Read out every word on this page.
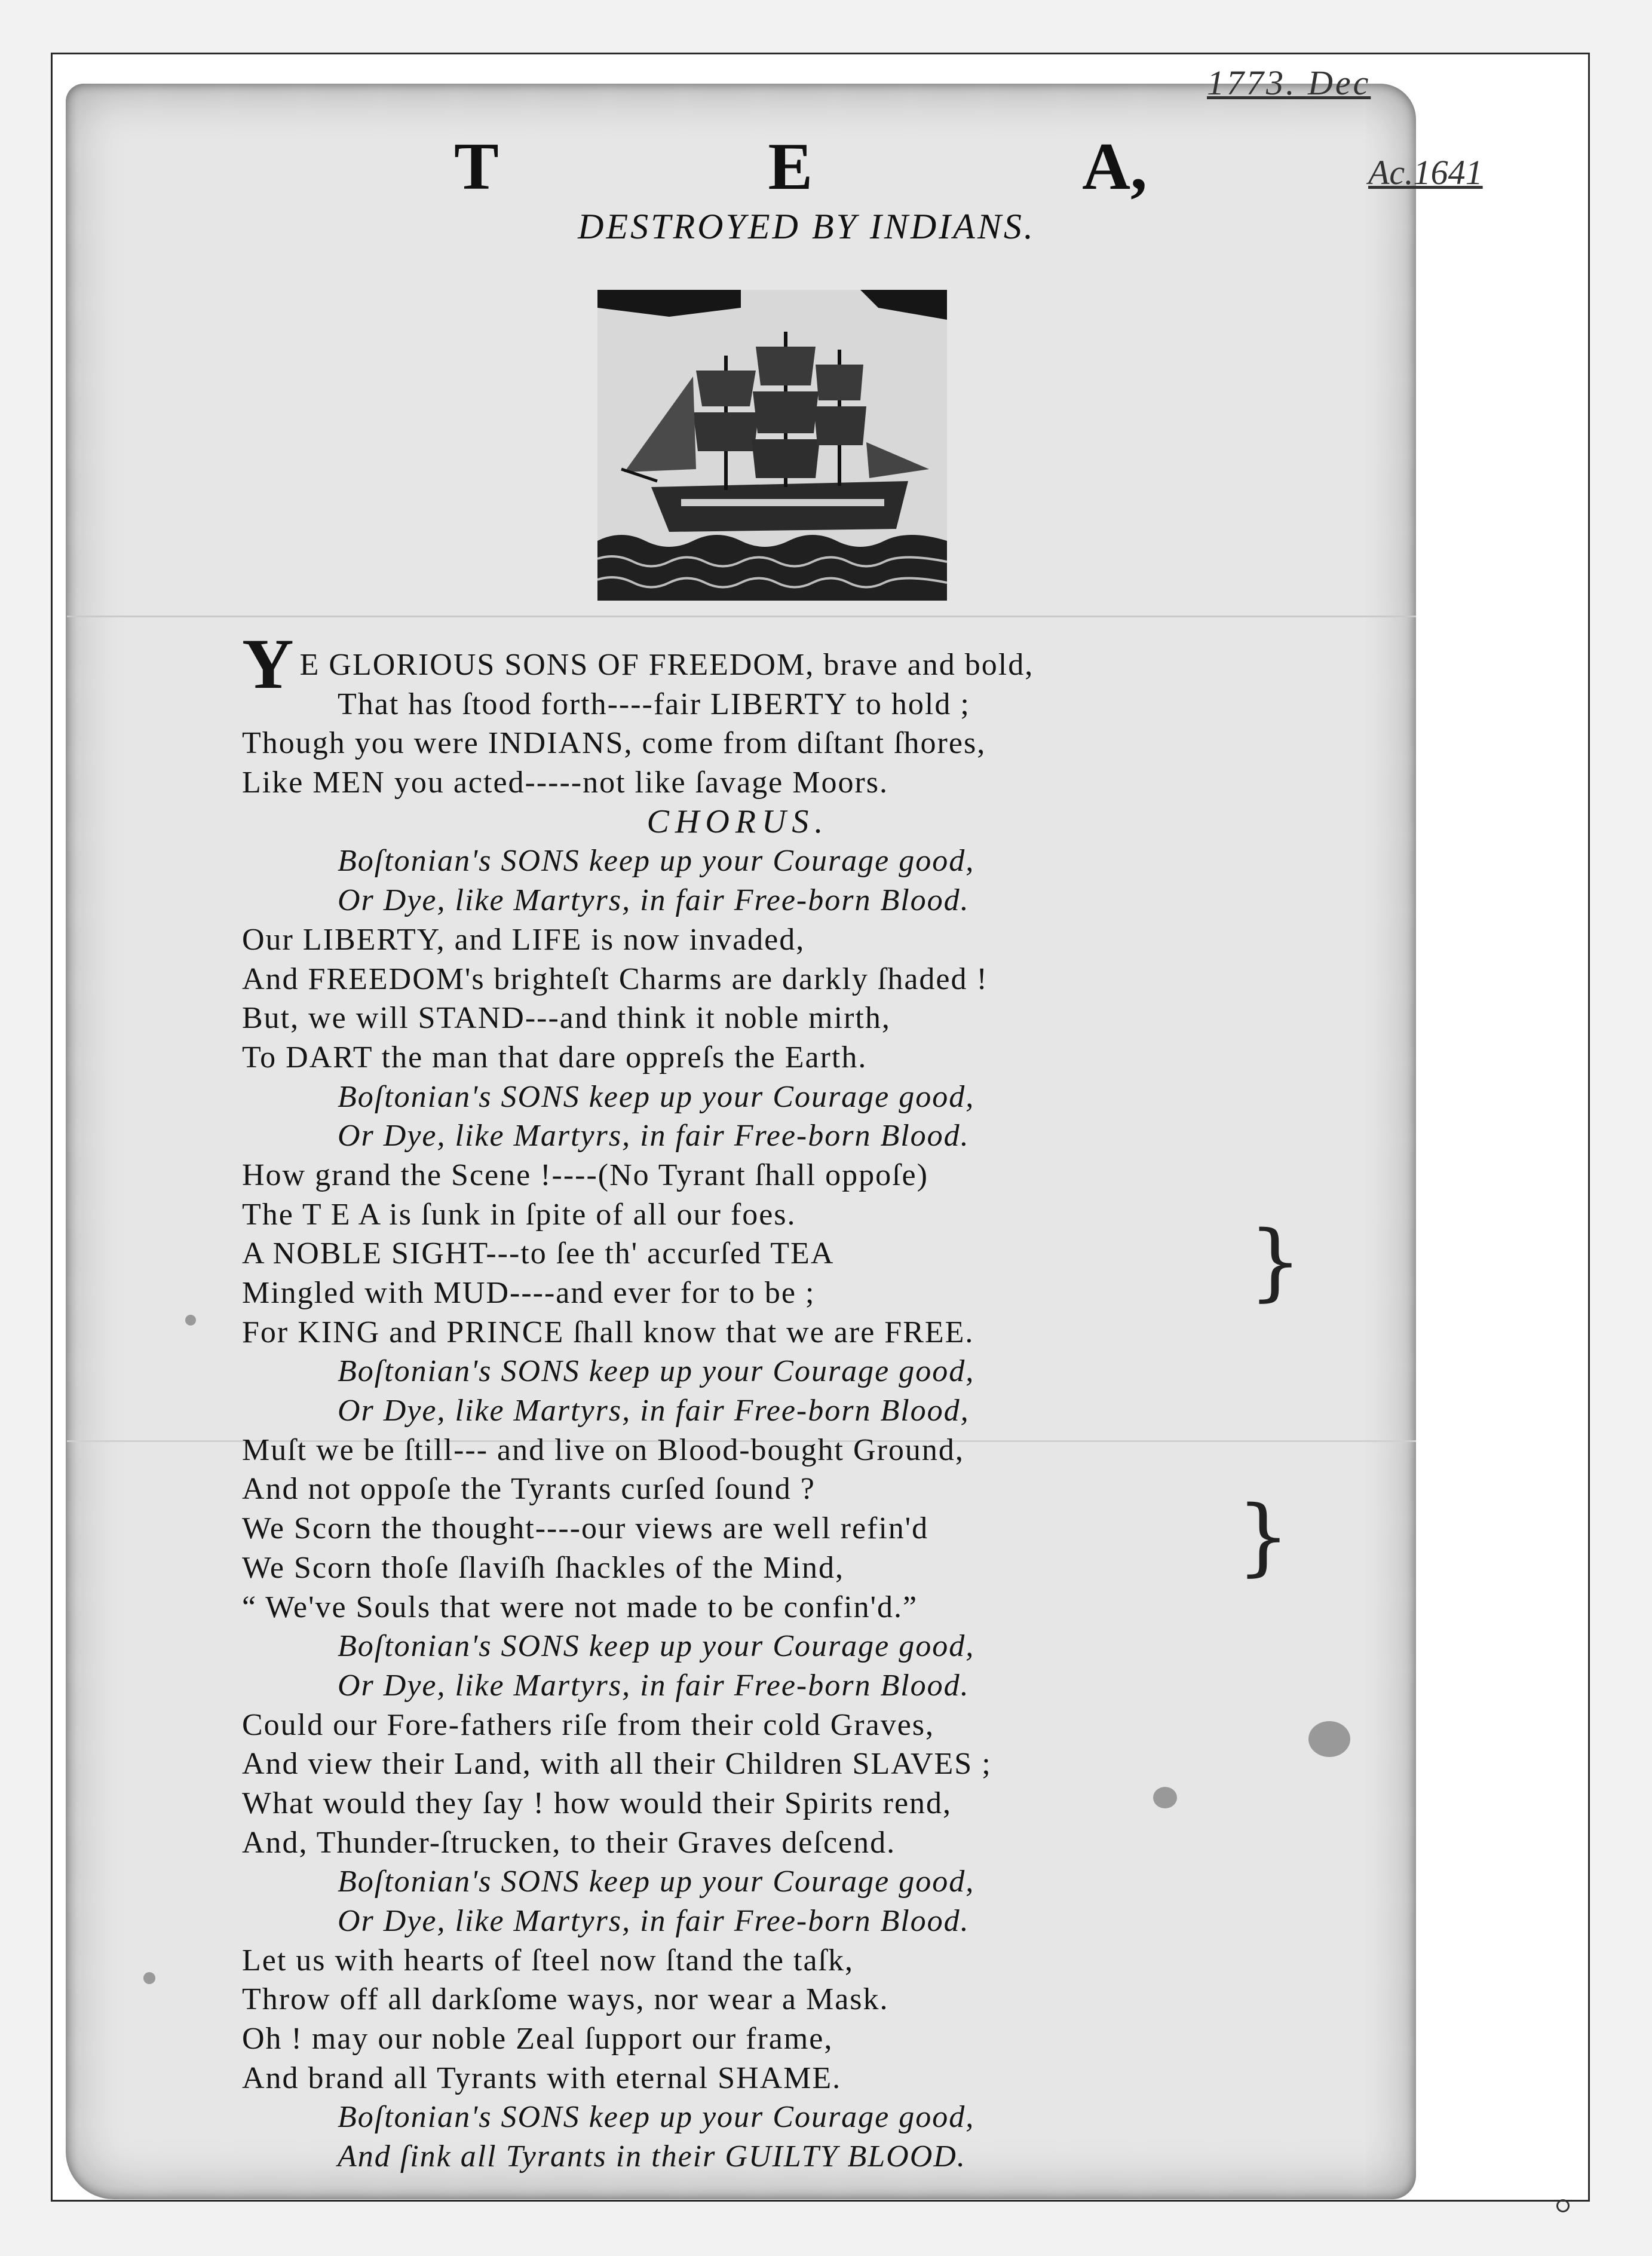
1773. Dec
Ac.1641
T	E	A,
DESTROYED BY INDIANS.
Y E GLORIOUS SONS OF FREEDOM, brave and bold,
That has ſtood forth----fair LIBERTY to hold ;
Though you were INDIANS, come from diſtant ſhores,
Like MEN you acted-----not like ſavage Moors.
CHORUS.
Boſtonian's SONS keep up your Courage good,
Or Dye, like Martyrs, in fair Free-born Blood.
Our LIBERTY, and LIFE is now invaded,
And FREEDOM's brighteſt Charms are darkly ſhaded !
But, we will STAND---and think it noble mirth,
To DART the man that dare oppreſs the Earth.
Boſtonian's SONS keep up your Courage good,
Or Dye, like Martyrs, in fair Free-born Blood.
How grand the Scene !----(No Tyrant ſhall oppoſe)
The T E A is ſunk in ſpite of all our foes.
A NOBLE SIGHT---to ſee th' accurſed TEA
Mingled with MUD----and ever for to be ;
For KING and PRINCE ſhall know that we are FREE.
Boſtonian's SONS keep up your Courage good,
Or Dye, like Martyrs, in fair Free-born Blood,
Muſt we be ſtill--- and live on Blood-bought Ground,
And not oppoſe the Tyrants curſed ſound ?
We Scorn the thought----our views are well refin'd
We Scorn thoſe ſlaviſh ſhackles of the Mind,
“ We've Souls that were not made to be confin'd.”
Boſtonian's SONS keep up your Courage good,
Or Dye, like Martyrs, in fair Free-born Blood.
Could our Fore-fathers riſe from their cold Graves,
And view their Land, with all their Children SLAVES ;
What would they ſay ! how would their Spirits rend,
And, Thunder-ſtrucken, to their Graves deſcend.
Boſtonian's SONS keep up your Courage good,
Or Dye, like Martyrs, in fair Free-born Blood.
Let us with hearts of ſteel now ſtand the taſk,
Throw off all darkſome ways, nor wear a Mask.
Oh ! may our noble Zeal ſupport our frame,
And brand all Tyrants with eternal SHAME.
Boſtonian's SONS keep up your Courage good,
And ſink all Tyrants in their GUILTY BLOOD.
}
}
